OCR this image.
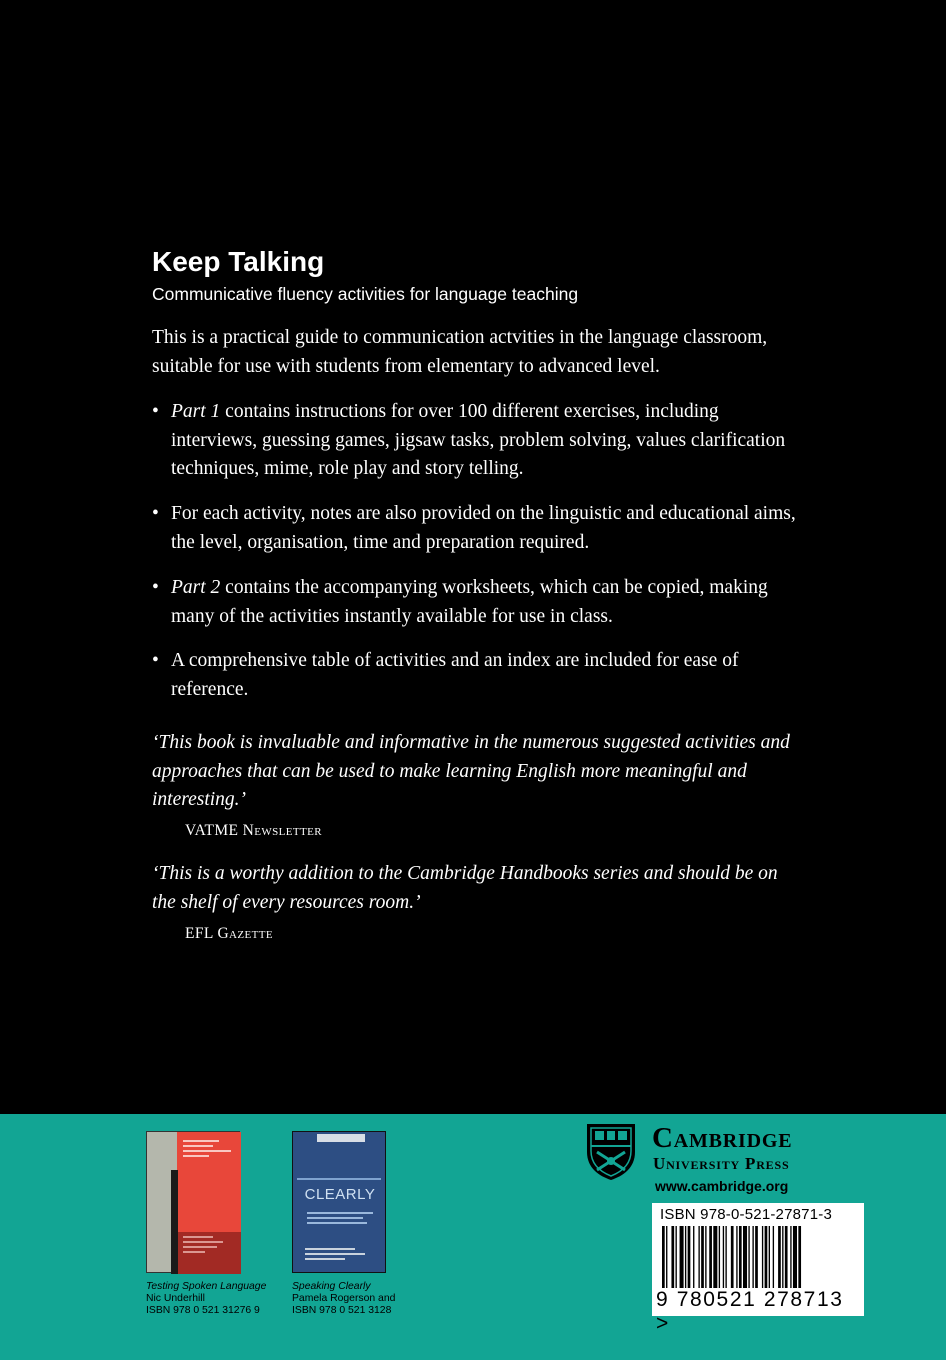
Keep Talking

Communicative fluency activities for language teaching

This is a practical guide to communication actvities in the language classroom, suitable for use with students from elementary to advanced level.

• Part 1 contains instructions for over 100 different exercises, including interviews, guessing games, jigsaw tasks, problem solving, values clarification techniques, mime, role play and story telling.
• For each activity, notes are also provided on the linguistic and educational aims, the level, organisation, time and preparation required.
• Part 2 contains the accompanying worksheets, which can be copied, making many of the activities instantly available for use in class.
• A comprehensive table of activities and an index are included for ease of reference.

‘This book is invaluable and informative in the numerous suggested activities and approaches that can be used to make learning English more meaningful and interesting.’

VATME Newsletter

‘This is a worthy addition to the Cambridge Handbooks series and should be on the shelf of every resources room.’

EFL Gazette
Testing Spoken Language
Nic Underhill
ISBN 978 0 521 31276 9
CLEARLY
Speaking Clearly
Pamela Rogerson and
ISBN 978 0 521 3128
Cambridge
University Press
www.cambridge.org
ISBN 978-0-521-27871-3
9 780521 278713 >
